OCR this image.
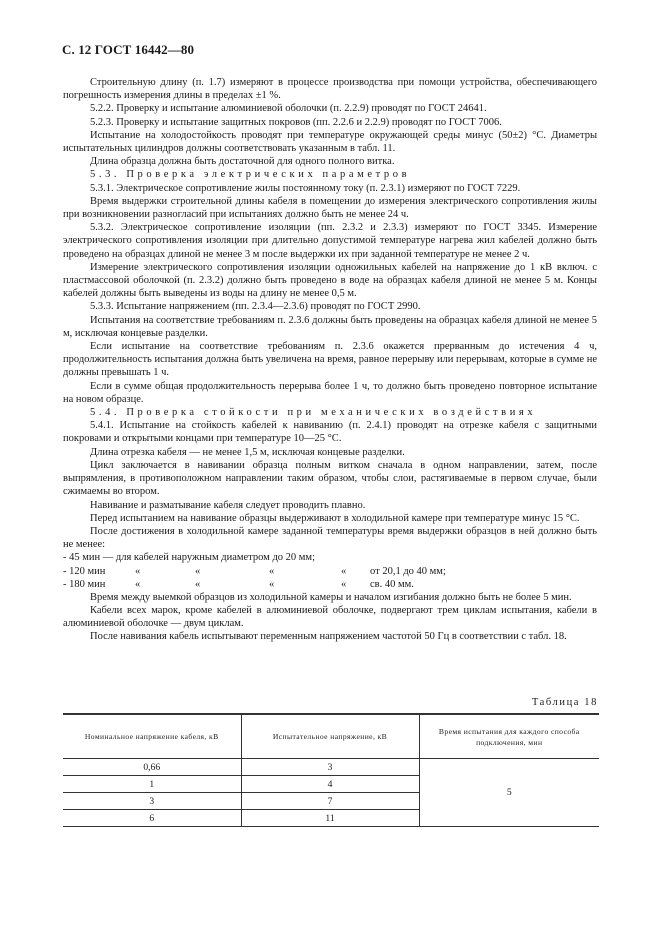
С. 12 ГОСТ 16442—80

Строительную длину (п. 1.7) измеряют в процессе производства при помощи устройства, обеспечивающего погрешность измерения длины в пределах ±1 %.

5.2.2. Проверку и испытание алюминиевой оболочки (п. 2.2.9) проводят по ГОСТ 24641.

5.2.3. Проверку и испытание защитных покровов (пп. 2.2.6 и 2.2.9) проводят по ГОСТ 7006.

Испытание на холодостойкость проводят при температуре окружающей среды минус (50±2) °С. Диаметры испытательных цилиндров должны соответствовать указанным в табл. 11.

Длина образца должна быть достаточной для одного полного витка.

5.3. Проверка электрических параметров

5.3.1. Электрическое сопротивление жилы постоянному току (п. 2.3.1) измеряют по ГОСТ 7229.

Время выдержки строительной длины кабеля в помещении до измерения электрического сопротивления жилы при возникновении разногласий при испытаниях должно быть не менее 24 ч.

5.3.2. Электрическое сопротивление изоляции (пп. 2.3.2 и 2.3.3) измеряют по ГОСТ 3345. Измерение электрического сопротивления изоляции при длительно допустимой температуре нагрева жил кабелей должно быть проведено на образцах длиной не менее 3 м после выдержки их при заданной температуре не менее 2 ч.

Измерение электрического сопротивления изоляции одножильных кабелей на напряжение до 1 кВ включ. с пластмассовой оболочкой (п. 2.3.2) должно быть проведено в воде на образцах кабеля длиной не менее 5 м. Концы кабелей должны быть выведены из воды на длину не менее 0,5 м.

5.3.3. Испытание напряжением (пп. 2.3.4—2.3.6) проводят по ГОСТ 2990.

Испытания на соответствие требованиям п. 2.3.6 должны быть проведены на образцах кабеля длиной не менее 5 м, исключая концевые разделки.

Если испытание на соответствие требованиям п. 2.3.6 окажется прерванным до истечения 4 ч, продолжительность испытания должна быть увеличена на время, равное перерыву или перерывам, которые в сумме не должны превышать 1 ч.

Если в сумме общая продолжительность перерыва более 1 ч, то должно быть проведено повторное испытание на новом образце.

5.4. Проверка стойкости при механических воздействиях

5.4.1. Испытание на стойкость кабелей к навиванию (п. 2.4.1) проводят на отрезке кабеля с защитными покровами и открытыми концами при температуре 10—25 °С.

Длина отрезка кабеля — не менее 1,5 м, исключая концевые разделки.

Цикл заключается в навивании образца полным витком сначала в одном направлении, затем, после выпрямления, в противоположном направлении таким образом, чтобы слои, растягиваемые в первом случае, были сжимаемы во втором.

Навивание и разматывание кабеля следует проводить плавно.

Перед испытанием на навивание образцы выдерживают в холодильной камере при температуре минус 15 °С.

После достижения в холодильной камере заданной температуры время выдержки образцов в ней должно быть не менее:

- 45 мин — для кабелей наружным диаметром до 20 мм;
- 120 мин	«	«	«	« от 20,1 до 40 мм;
- 180 мин	«	«	«	« св. 40 мм.

Время между выемкой образцов из холодильной камеры и началом изгибания должно быть не более 5 мин.

Кабели всех марок, кроме кабелей в алюминиевой оболочке, подвергают трем циклам испытания, кабели в алюминиевой оболочке — двум циклам.

После навивания кабель испытывают переменным напряжением частотой 50 Гц в соответствии с табл. 18.

Таблица 18
Номинальное напряжение кабеля, кВ	Испытательное напряжение, кВ	Время испытания для каждого способа подключения, мин
0,66	3	5
1	4	
3	7	
6	11	
